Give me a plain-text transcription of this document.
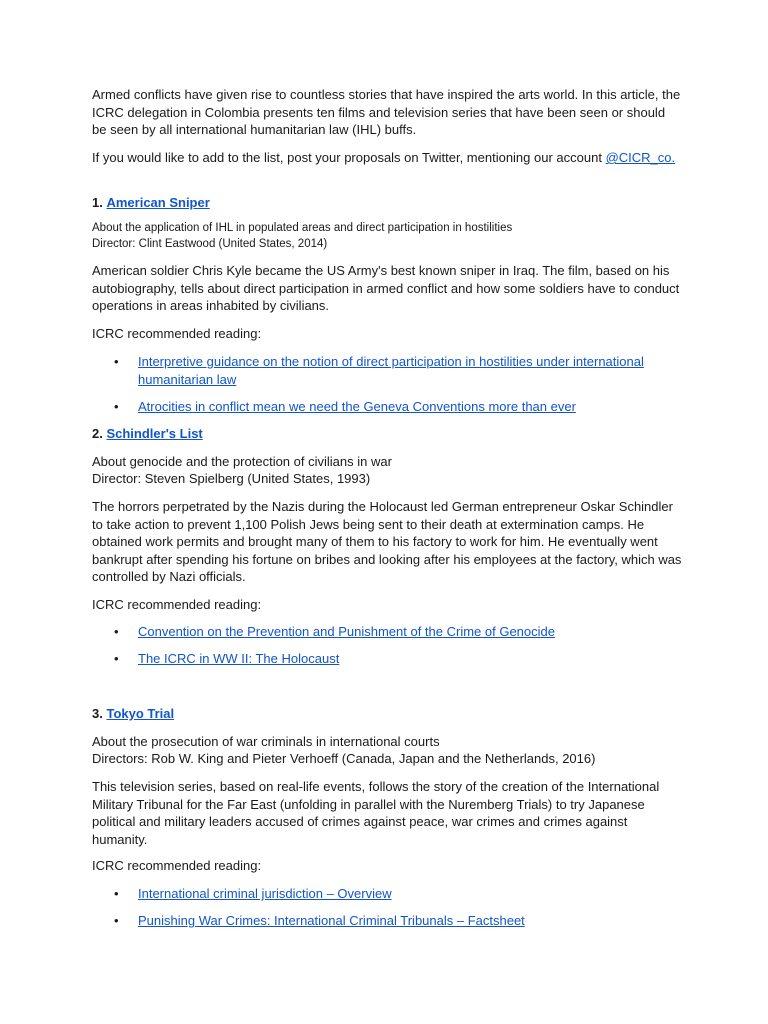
Armed conflicts have given rise to countless stories that have inspired the arts world. In this article, the ICRC delegation in Colombia presents ten films and television series that have been seen or should be seen by all international humanitarian law (IHL) buffs.

If you would like to add to the list, post your proposals on Twitter, mentioning our account @CICR_co.

1. American Sniper

About the application of IHL in populated areas and direct participation in hostilities

Director: Clint Eastwood (United States, 2014)

American soldier Chris Kyle became the US Army's best known sniper in Iraq. The film, based on his autobiography, tells about direct participation in armed conflict and how some soldiers have to conduct operations in areas inhabited by civilians.

ICRC recommended reading:

• Interpretive guidance on the notion of direct participation in hostilities under international humanitarian law
• Atrocities in conflict mean we need the Geneva Conventions more than ever

2. Schindler's List

About genocide and the protection of civilians in war

Director: Steven Spielberg (United States, 1993)

The horrors perpetrated by the Nazis during the Holocaust led German entrepreneur Oskar Schindler to take action to prevent 1,100 Polish Jews being sent to their death at extermination camps. He obtained work permits and brought many of them to his factory to work for him. He eventually went bankrupt after spending his fortune on bribes and looking after his employees at the factory, which was controlled by Nazi officials.

ICRC recommended reading:

• Convention on the Prevention and Punishment of the Crime of Genocide
• The ICRC in WW II: The Holocaust

3. Tokyo Trial

About the prosecution of war criminals in international courts

Directors: Rob W. King and Pieter Verhoeff (Canada, Japan and the Netherlands, 2016)

This television series, based on real-life events, follows the story of the creation of the International Military Tribunal for the Far East (unfolding in parallel with the Nuremberg Trials) to try Japanese political and military leaders accused of crimes against peace, war crimes and crimes against humanity.

ICRC recommended reading:

• International criminal jurisdiction – Overview
• Punishing War Crimes: International Criminal Tribunals – Factsheet
